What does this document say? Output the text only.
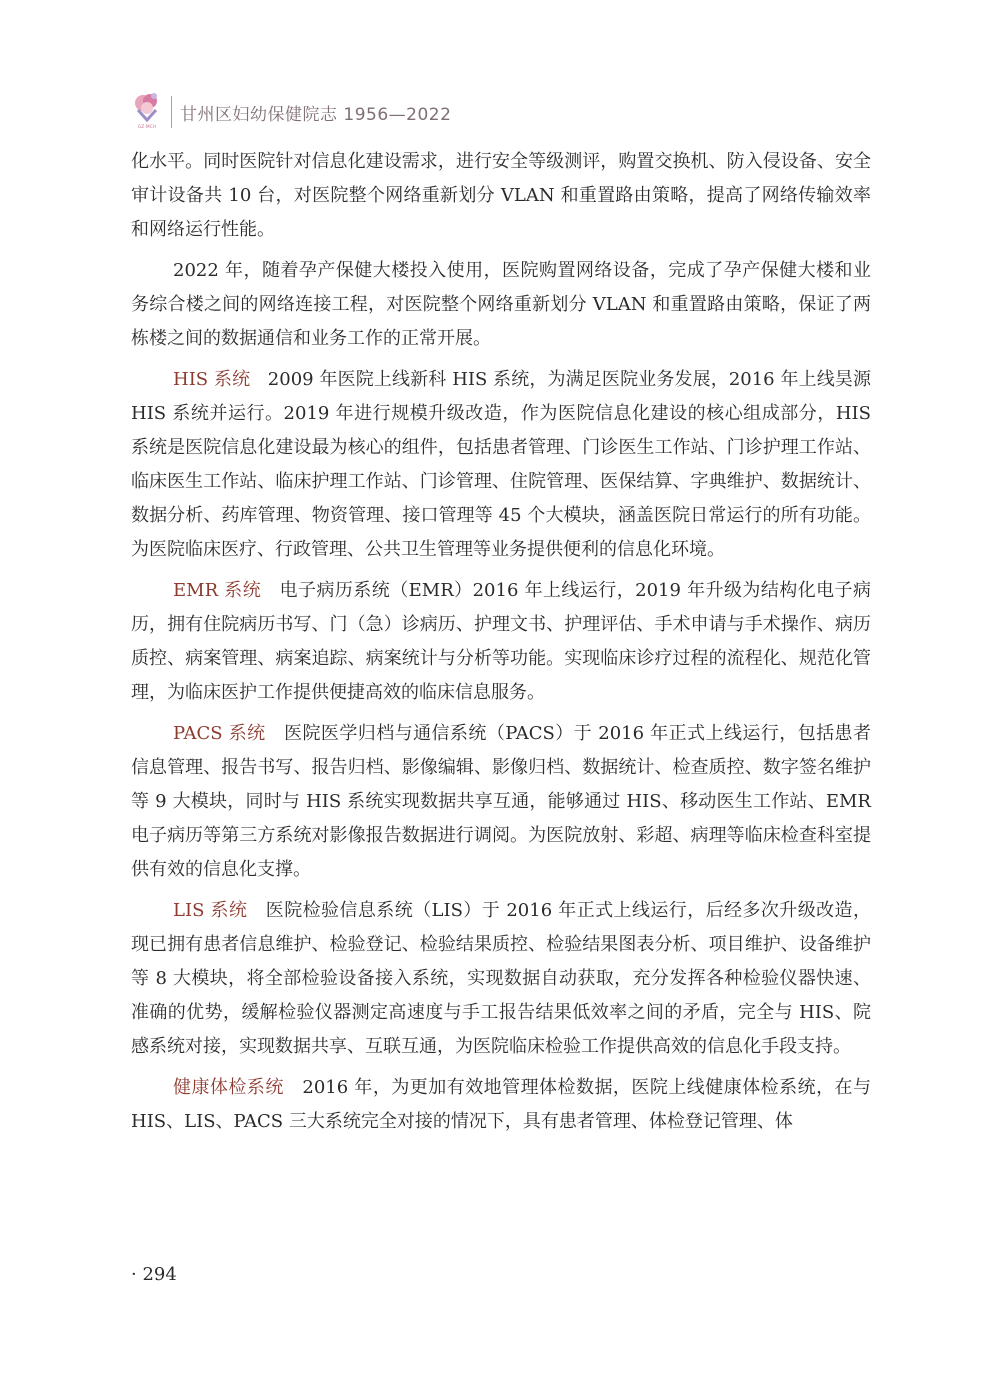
GZ·MCH
甘州区妇幼保健院志 1956—2022

化水平。同时医院针对信息化建设需求，进行安全等级测评，购置交换机、防入侵设备、安全审计设备共 10 台，对医院整个网络重新划分 VLAN 和重置路由策略，提高了网络传输效率和网络运行性能。

2022 年，随着孕产保健大楼投入使用，医院购置网络设备，完成了孕产保健大楼和业务综合楼之间的网络连接工程，对医院整个网络重新划分 VLAN 和重置路由策略，保证了两栋楼之间的数据通信和业务工作的正常开展。

HIS 系统 2009 年医院上线新科 HIS 系统，为满足医院业务发展，2016 年上线昊源 HIS 系统并运行。2019 年进行规模升级改造，作为医院信息化建设的核心组成部分，HIS 系统是医院信息化建设最为核心的组件，包括患者管理、门诊医生工作站、门诊护理工作站、临床医生工作站、临床护理工作站、门诊管理、住院管理、医保结算、字典维护、数据统计、数据分析、药库管理、物资管理、接口管理等 45 个大模块，涵盖医院日常运行的所有功能。为医院临床医疗、行政管理、公共卫生管理等业务提供便利的信息化环境。

EMR 系统 电子病历系统（EMR）2016 年上线运行，2019 年升级为结构化电子病历，拥有住院病历书写、门（急）诊病历、护理文书、护理评估、手术申请与手术操作、病历质控、病案管理、病案追踪、病案统计与分析等功能。实现临床诊疗过程的流程化、规范化管理，为临床医护工作提供便捷高效的临床信息服务。

PACS 系统 医院医学归档与通信系统（PACS）于 2016 年正式上线运行，包括患者信息管理、报告书写、报告归档、影像编辑、影像归档、数据统计、检查质控、数字签名维护等 9 大模块，同时与 HIS 系统实现数据共享互通，能够通过 HIS、移动医生工作站、EMR 电子病历等第三方系统对影像报告数据进行调阅。为医院放射、彩超、病理等临床检查科室提供有效的信息化支撑。

LIS 系统 医院检验信息系统（LIS）于 2016 年正式上线运行，后经多次升级改造，现已拥有患者信息维护、检验登记、检验结果质控、检验结果图表分析、项目维护、设备维护等 8 大模块，将全部检验设备接入系统，实现数据自动获取，充分发挥各种检验仪器快速、准确的优势，缓解检验仪器测定高速度与手工报告结果低效率之间的矛盾，完全与 HIS、院感系统对接，实现数据共享、互联互通，为医院临床检验工作提供高效的信息化手段支持。

健康体检系统 2016 年，为更加有效地管理体检数据，医院上线健康体检系统，在与 HIS、LIS、PACS 三大系统完全对接的情况下，具有患者管理、体检登记管理、体

· 294
